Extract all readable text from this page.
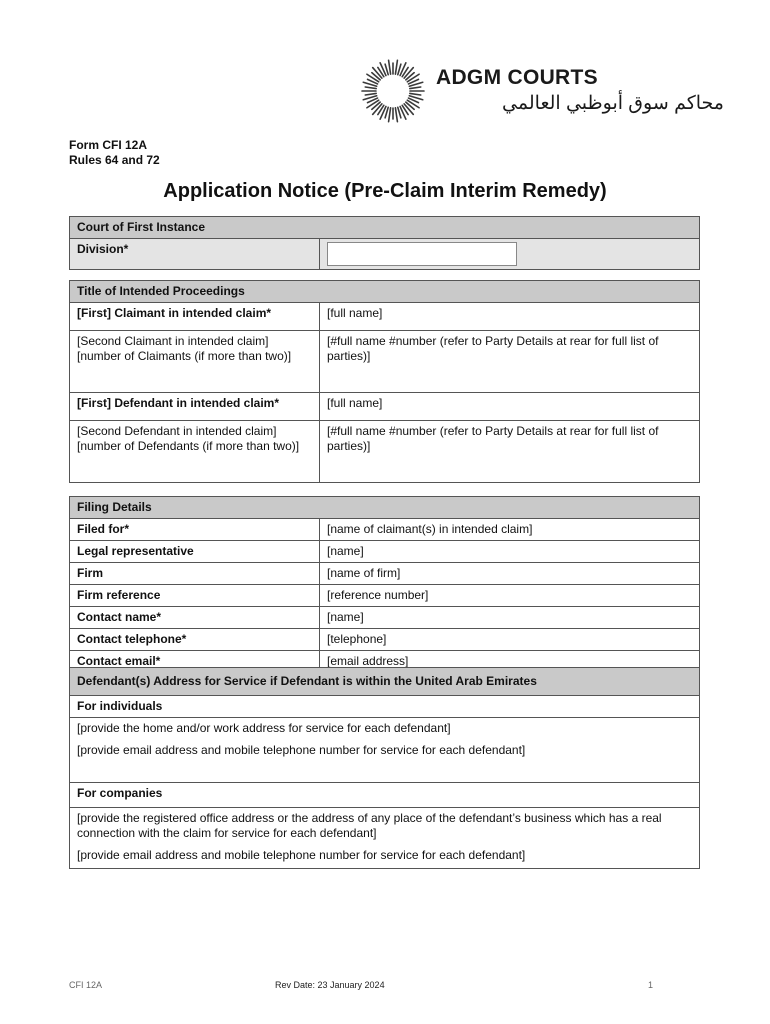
ADGM COURTS
محاكم سوق أبوظبي العالمي
Form CFI 12A
Rules 64 and 72
Application Notice (Pre-Claim Interim Remedy)
Court of First Instance
Division*	
Title of Intended Proceedings	
[First] Claimant in intended claim*	[full name]
[Second Claimant in intended claim] [number of Claimants (if more than two)]	[#full name #number (refer to Party Details at rear for full list of parties)]
[First] Defendant in intended claim*	[full name]
[Second Defendant in intended claim] [number of Defendants (if more than two)]	[#full name #number (refer to Party Details at rear for full list of parties)]
Filing Details	
Filed for*	[name of claimant(s) in intended claim]
Legal representative	[name]
Firm	[name of firm]
Firm reference	[reference number]
Contact name*	[name]
Contact telephone*	[telephone]
Contact email*	[email address]
Defendant(s) Address for Service if Defendant is within the United Arab Emirates
For individuals

[provide the home and/or work address for service for each defendant]
[provide email address and mobile telephone number for service for each defendant]

For companies

[provide the registered office address or the address of any place of the defendant’s business which has a real connection with the claim for service for each defendant]
[provide email address and mobile telephone number for service for each defendant]
CFI 12A	Rev Date: 23 January 2024	1
